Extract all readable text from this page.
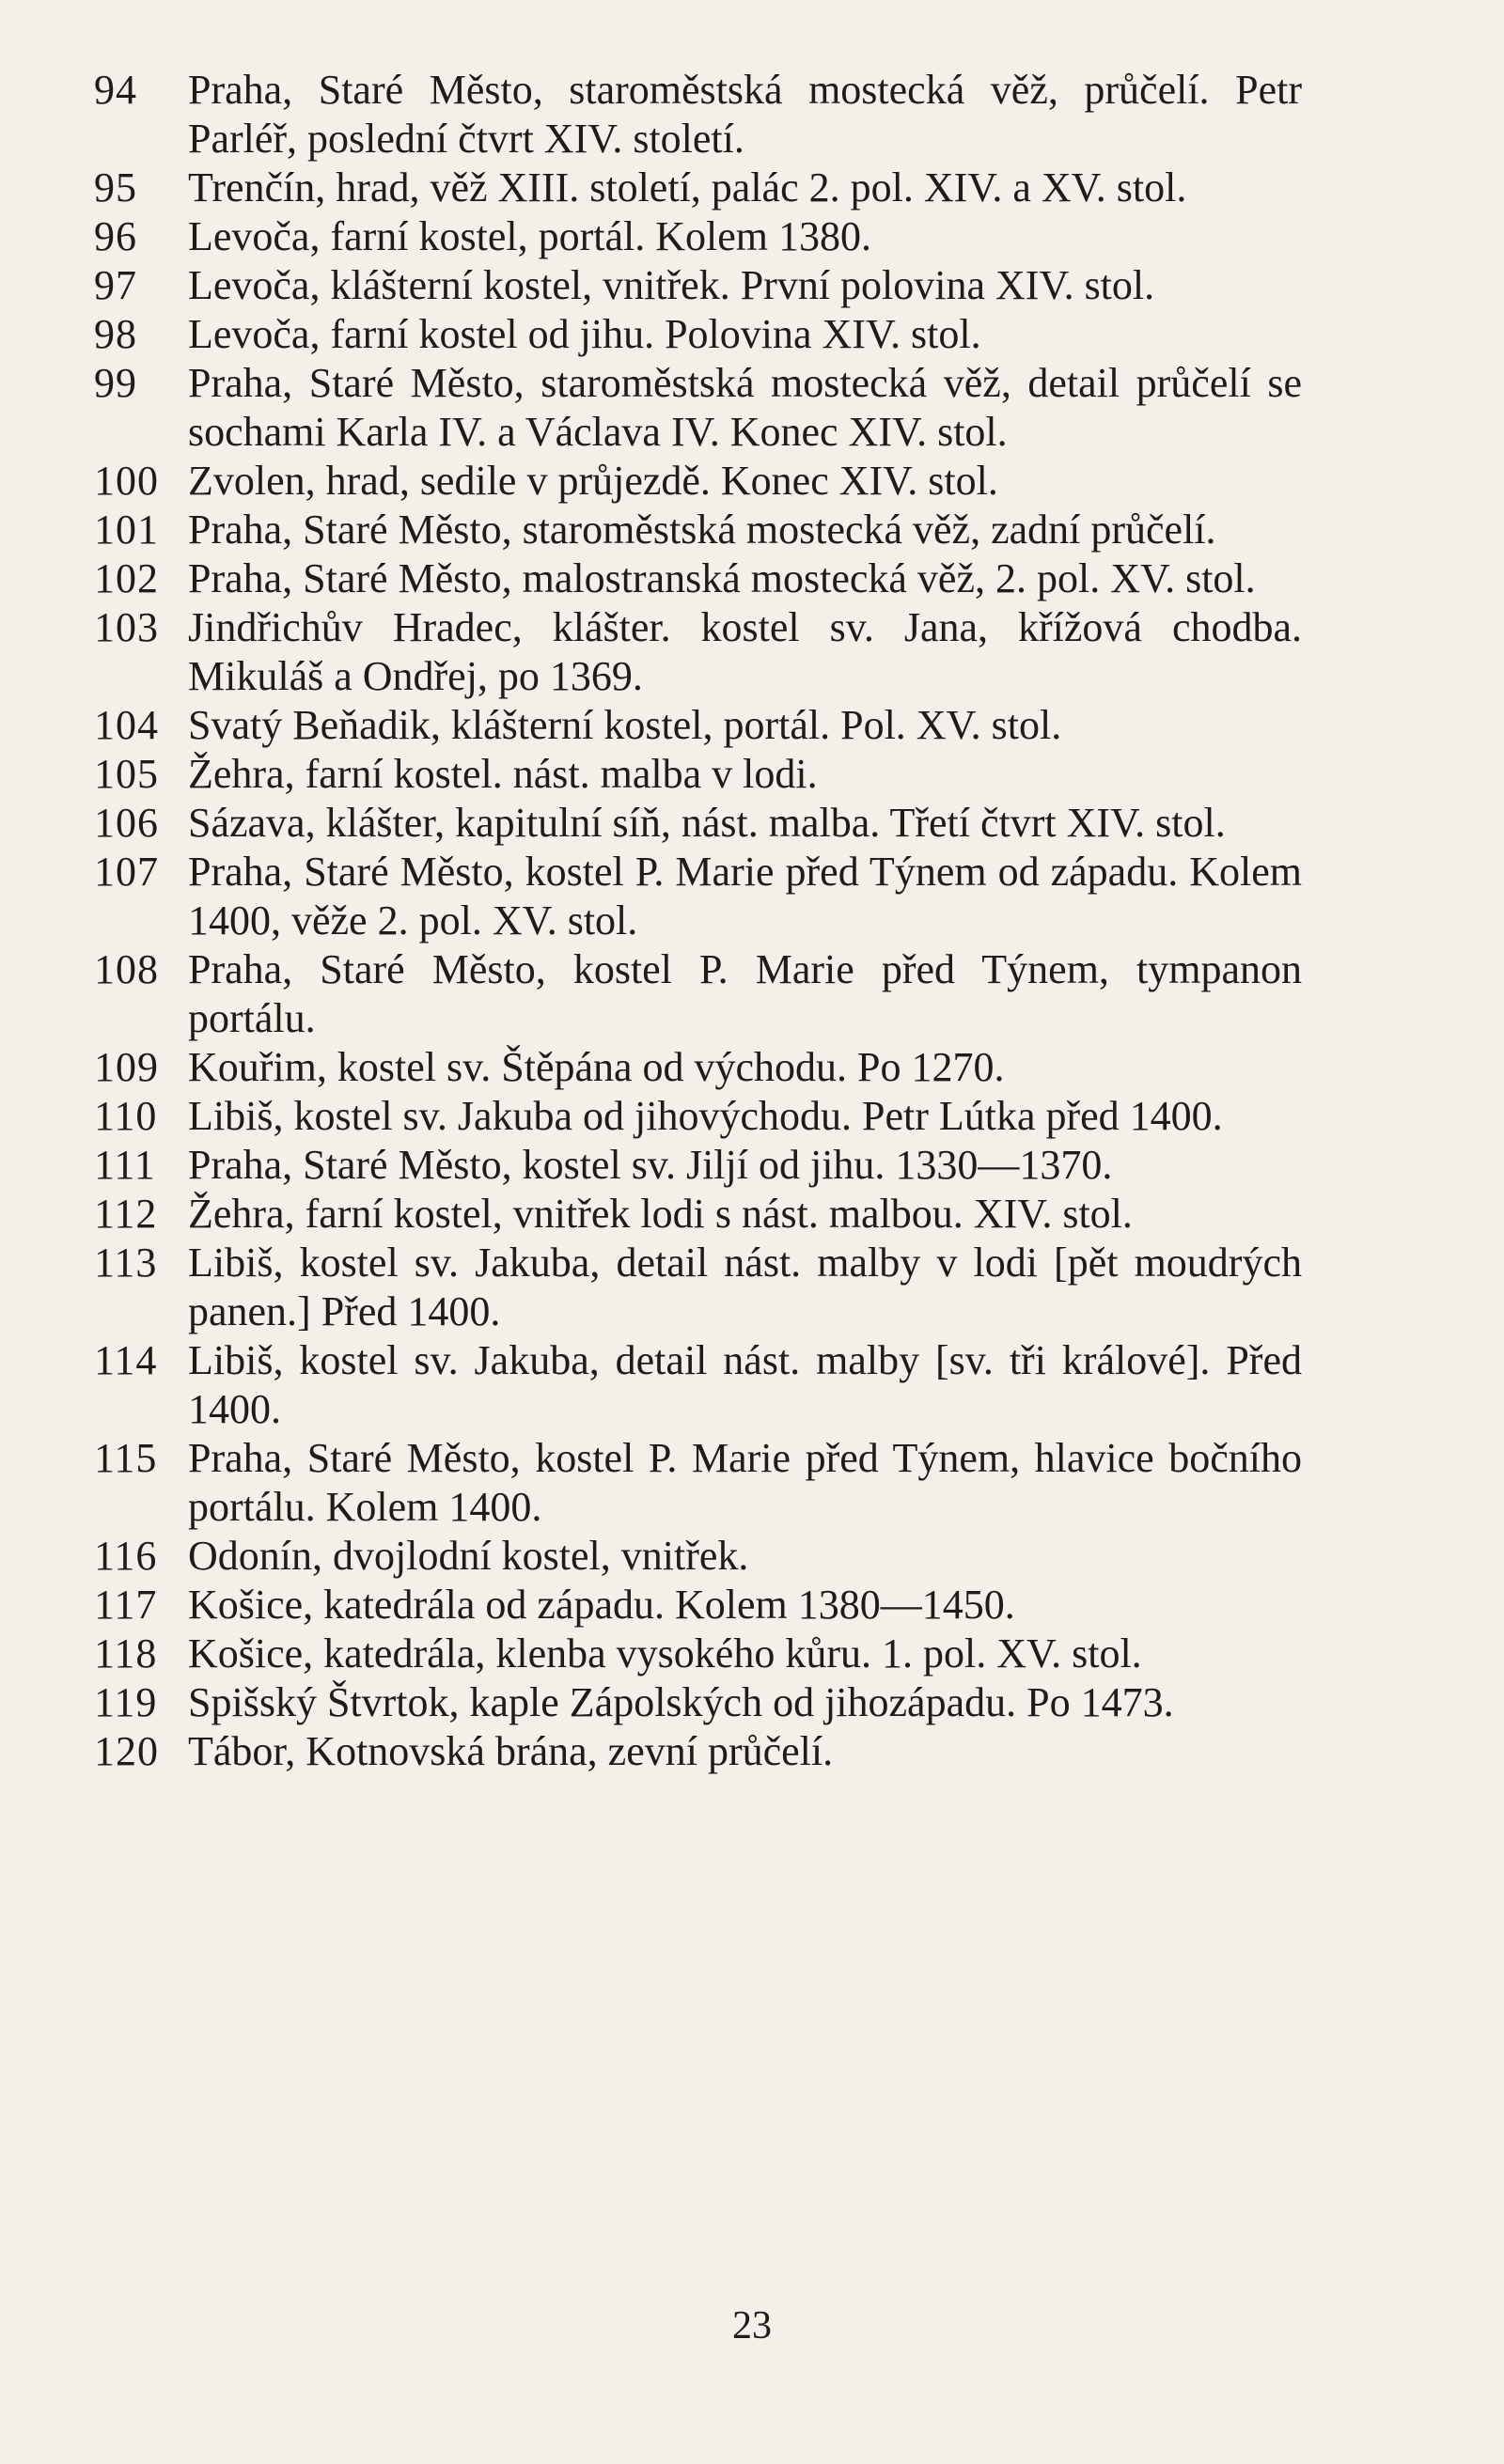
94	Praha, Staré Město, staroměstská mostecká věž, průčelí. Petr Parléř, poslední čtvrt XIV. století.
95	Trenčín, hrad, věž XIII. století, palác 2. pol. XIV. a XV. stol.
96	Levoča, farní kostel, portál. Kolem 1380.
97	Levoča, klášterní kostel, vnitřek. První polovina XIV. stol.
98	Levoča, farní kostel od jihu. Polovina XIV. stol.
99	Praha, Staré Město, staroměstská mostecká věž, detail průčelí se sochami Karla IV. a Václava IV. Konec XIV. stol.
100 Zvolen, hrad, sedile v průjezdě. Konec XIV. stol.
101 Praha, Staré Město, staroměstská mostecká věž, zadní průčelí.
102 Praha, Staré Město, malostranská mostecká věž, 2. pol. XV. stol.
103 Jindřichův Hradec, klášter. kostel sv. Jana, křížová chodba. Mikuláš a Ondřej, po 1369.
104 Svatý Beňadik, klášterní kostel, portál. Pol. XV. stol.
105 Žehra, farní kostel. nást. malba v lodi.
106 Sázava, klášter, kapitulní síň, nást. malba. Třetí čtvrt XIV. stol.
107 Praha, Staré Město, kostel P. Marie před Týnem od západu. Kolem 1400, věže 2. pol. XV. stol.
108 Praha, Staré Město, kostel P. Marie před Týnem, tympanon portálu.
109 Kouřim, kostel sv. Štěpána od východu. Po 1270.
110 Libiš, kostel sv. Jakuba od jihovýchodu. Petr Lútka před 1400.
111 Praha, Staré Město, kostel sv. Jiljí od jihu. 1330—1370.
112 Žehra, farní kostel, vnitřek lodi s nást. malbou. XIV. stol.
113 Libiš, kostel sv. Jakuba, detail nást. malby v lodi [pět moudrých panen.] Před 1400.
114 Libiš, kostel sv. Jakuba, detail nást. malby [sv. tři králové]. Před 1400.
115 Praha, Staré Město, kostel P. Marie před Týnem, hlavice bočního portálu. Kolem 1400.
116 Odonín, dvojlodní kostel, vnitřek.
117 Košice, katedrála od západu. Kolem 1380—1450.
118 Košice, katedrála, klenba vysokého kůru. 1. pol. XV. stol.
119 Spišský Štvrtok, kaple Zápolských od jihozápadu. Po 1473.
120 Tábor, Kotnovská brána, zevní průčelí.
23
